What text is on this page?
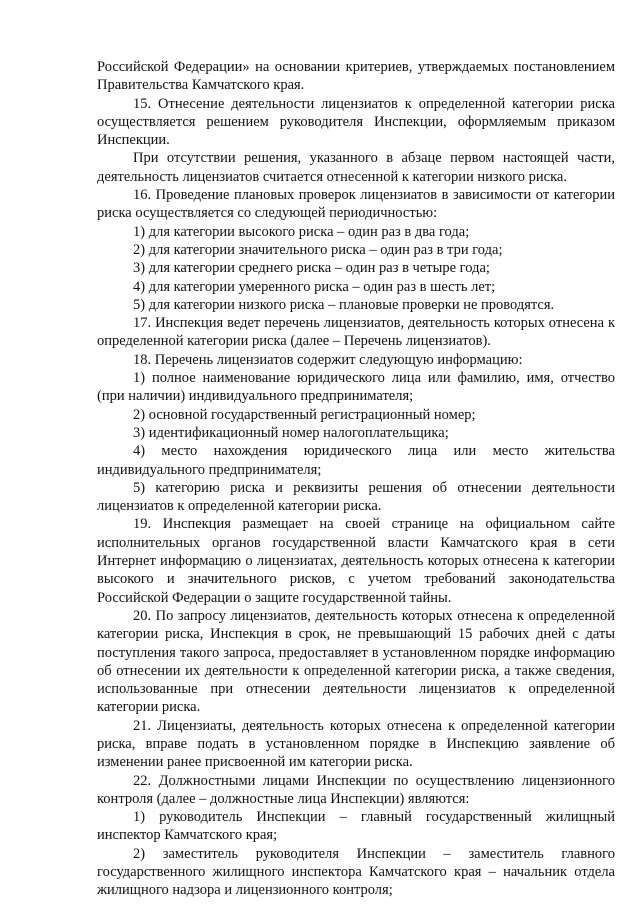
Российской Федерации» на основании критериев, утверждаемых постановлением Правительства Камчатского края.

15. Отнесение деятельности лицензиатов к определенной категории риска осуществляется решением руководителя Инспекции, оформляемым приказом Инспекции.

При отсутствии решения, указанного в абзаце первом настоящей части, деятельность лицензиатов считается отнесенной к категории низкого риска.

16. Проведение плановых проверок лицензиатов в зависимости от категории риска осуществляется со следующей периодичностью:

1) для категории высокого риска – один раз в два года;

2) для категории значительного риска – один раз в три года;

3) для категории среднего риска – один раз в четыре года;

4) для категории умеренного риска – один раз в шесть лет;

5) для категории низкого риска – плановые проверки не проводятся.

17. Инспекция ведет перечень лицензиатов, деятельность которых отнесена к определенной категории риска (далее – Перечень лицензиатов).

18. Перечень лицензиатов содержит следующую информацию:

1) полное наименование юридического лица или фамилию, имя, отчество (при наличии) индивидуального предпринимателя;

2) основной государственный регистрационный номер;

3) идентификационный номер налогоплательщика;

4) место нахождения юридического лица или место жительства индивидуального предпринимателя;

5) категорию риска и реквизиты решения об отнесении деятельности лицензиатов к определенной категории риска.

19. Инспекция размещает на своей странице на официальном сайте исполнительных органов государственной власти Камчатского края в сети Интернет информацию о лицензиатах, деятельность которых отнесена к категории высокого и значительного рисков, с учетом требований законодательства Российской Федерации о защите государственной тайны.

20. По запросу лицензиатов, деятельность которых отнесена к определенной категории риска, Инспекция в срок, не превышающий 15 рабочих дней с даты поступления такого запроса, предоставляет в установленном порядке информацию об отнесении их деятельности к определенной категории риска, а также сведения, использованные при отнесении деятельности лицензиатов к определенной категории риска.

21. Лицензиаты, деятельность которых отнесена к определенной категории риска, вправе подать в установленном порядке в Инспекцию заявление об изменении ранее присвоенной им категории риска.

22. Должностными лицами Инспекции по осуществлению лицензионного контроля (далее – должностные лица Инспекции) являются:

1) руководитель Инспекции – главный государственный жилищный инспектор Камчатского края;

2) заместитель руководителя Инспекции – заместитель главного государственного жилищного инспектора Камчатского края – начальник отдела жилищного надзора и лицензионного контроля;
